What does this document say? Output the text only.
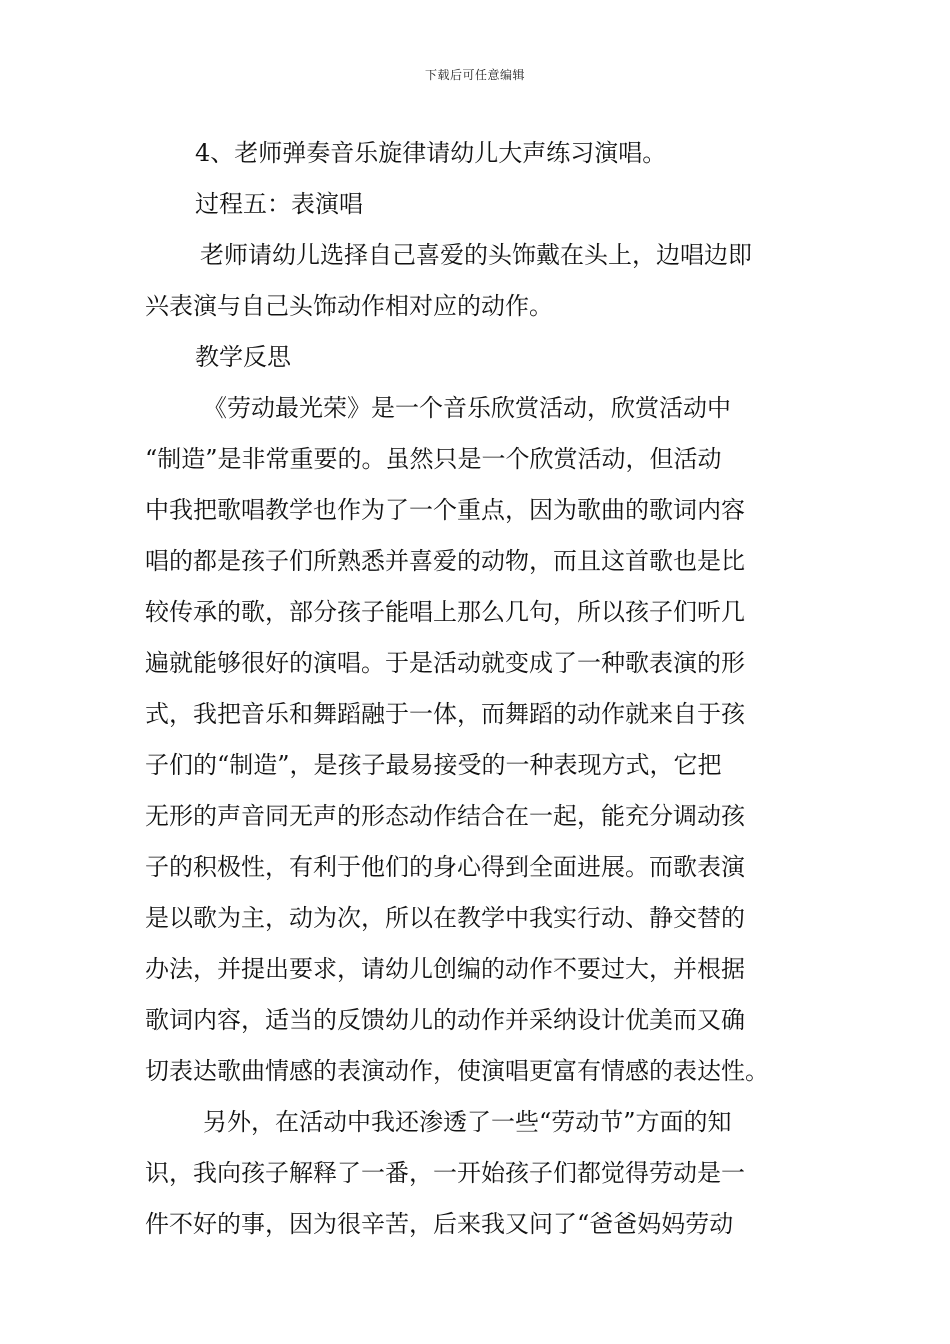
下载后可任意编辑
4、老师弹奏音乐旋律请幼儿大声练习演唱。
过程五：表演唱
老师请幼儿选择自己喜爱的头饰戴在头上，边唱边即
兴表演与自己头饰动作相对应的动作。
教学反思
《劳动最光荣》是一个音乐欣赏活动，欣赏活动中
“制造”是非常重要的。虽然只是一个欣赏活动，但活动
中我把歌唱教学也作为了一个重点，因为歌曲的歌词内容
唱的都是孩子们所熟悉并喜爱的动物，而且这首歌也是比
较传承的歌，部分孩子能唱上那么几句，所以孩子们听几
遍就能够很好的演唱。于是活动就变成了一种歌表演的形
式，我把音乐和舞蹈融于一体，而舞蹈的动作就来自于孩
子们的“制造”，是孩子最易接受的一种表现方式，它把
无形的声音同无声的形态动作结合在一起，能充分调动孩
子的积极性，有利于他们的身心得到全面进展。而歌表演
是以歌为主，动为次，所以在教学中我实行动、静交替的
办法，并提出要求，请幼儿创编的动作不要过大，并根据
歌词内容，适当的反馈幼儿的动作并采纳设计优美而又确
切表达歌曲情感的表演动作，使演唱更富有情感的表达性。
另外，在活动中我还渗透了一些“劳动节”方面的知
识，我向孩子解释了一番，一开始孩子们都觉得劳动是一
件不好的事，因为很辛苦，后来我又问了“爸爸妈妈劳动
